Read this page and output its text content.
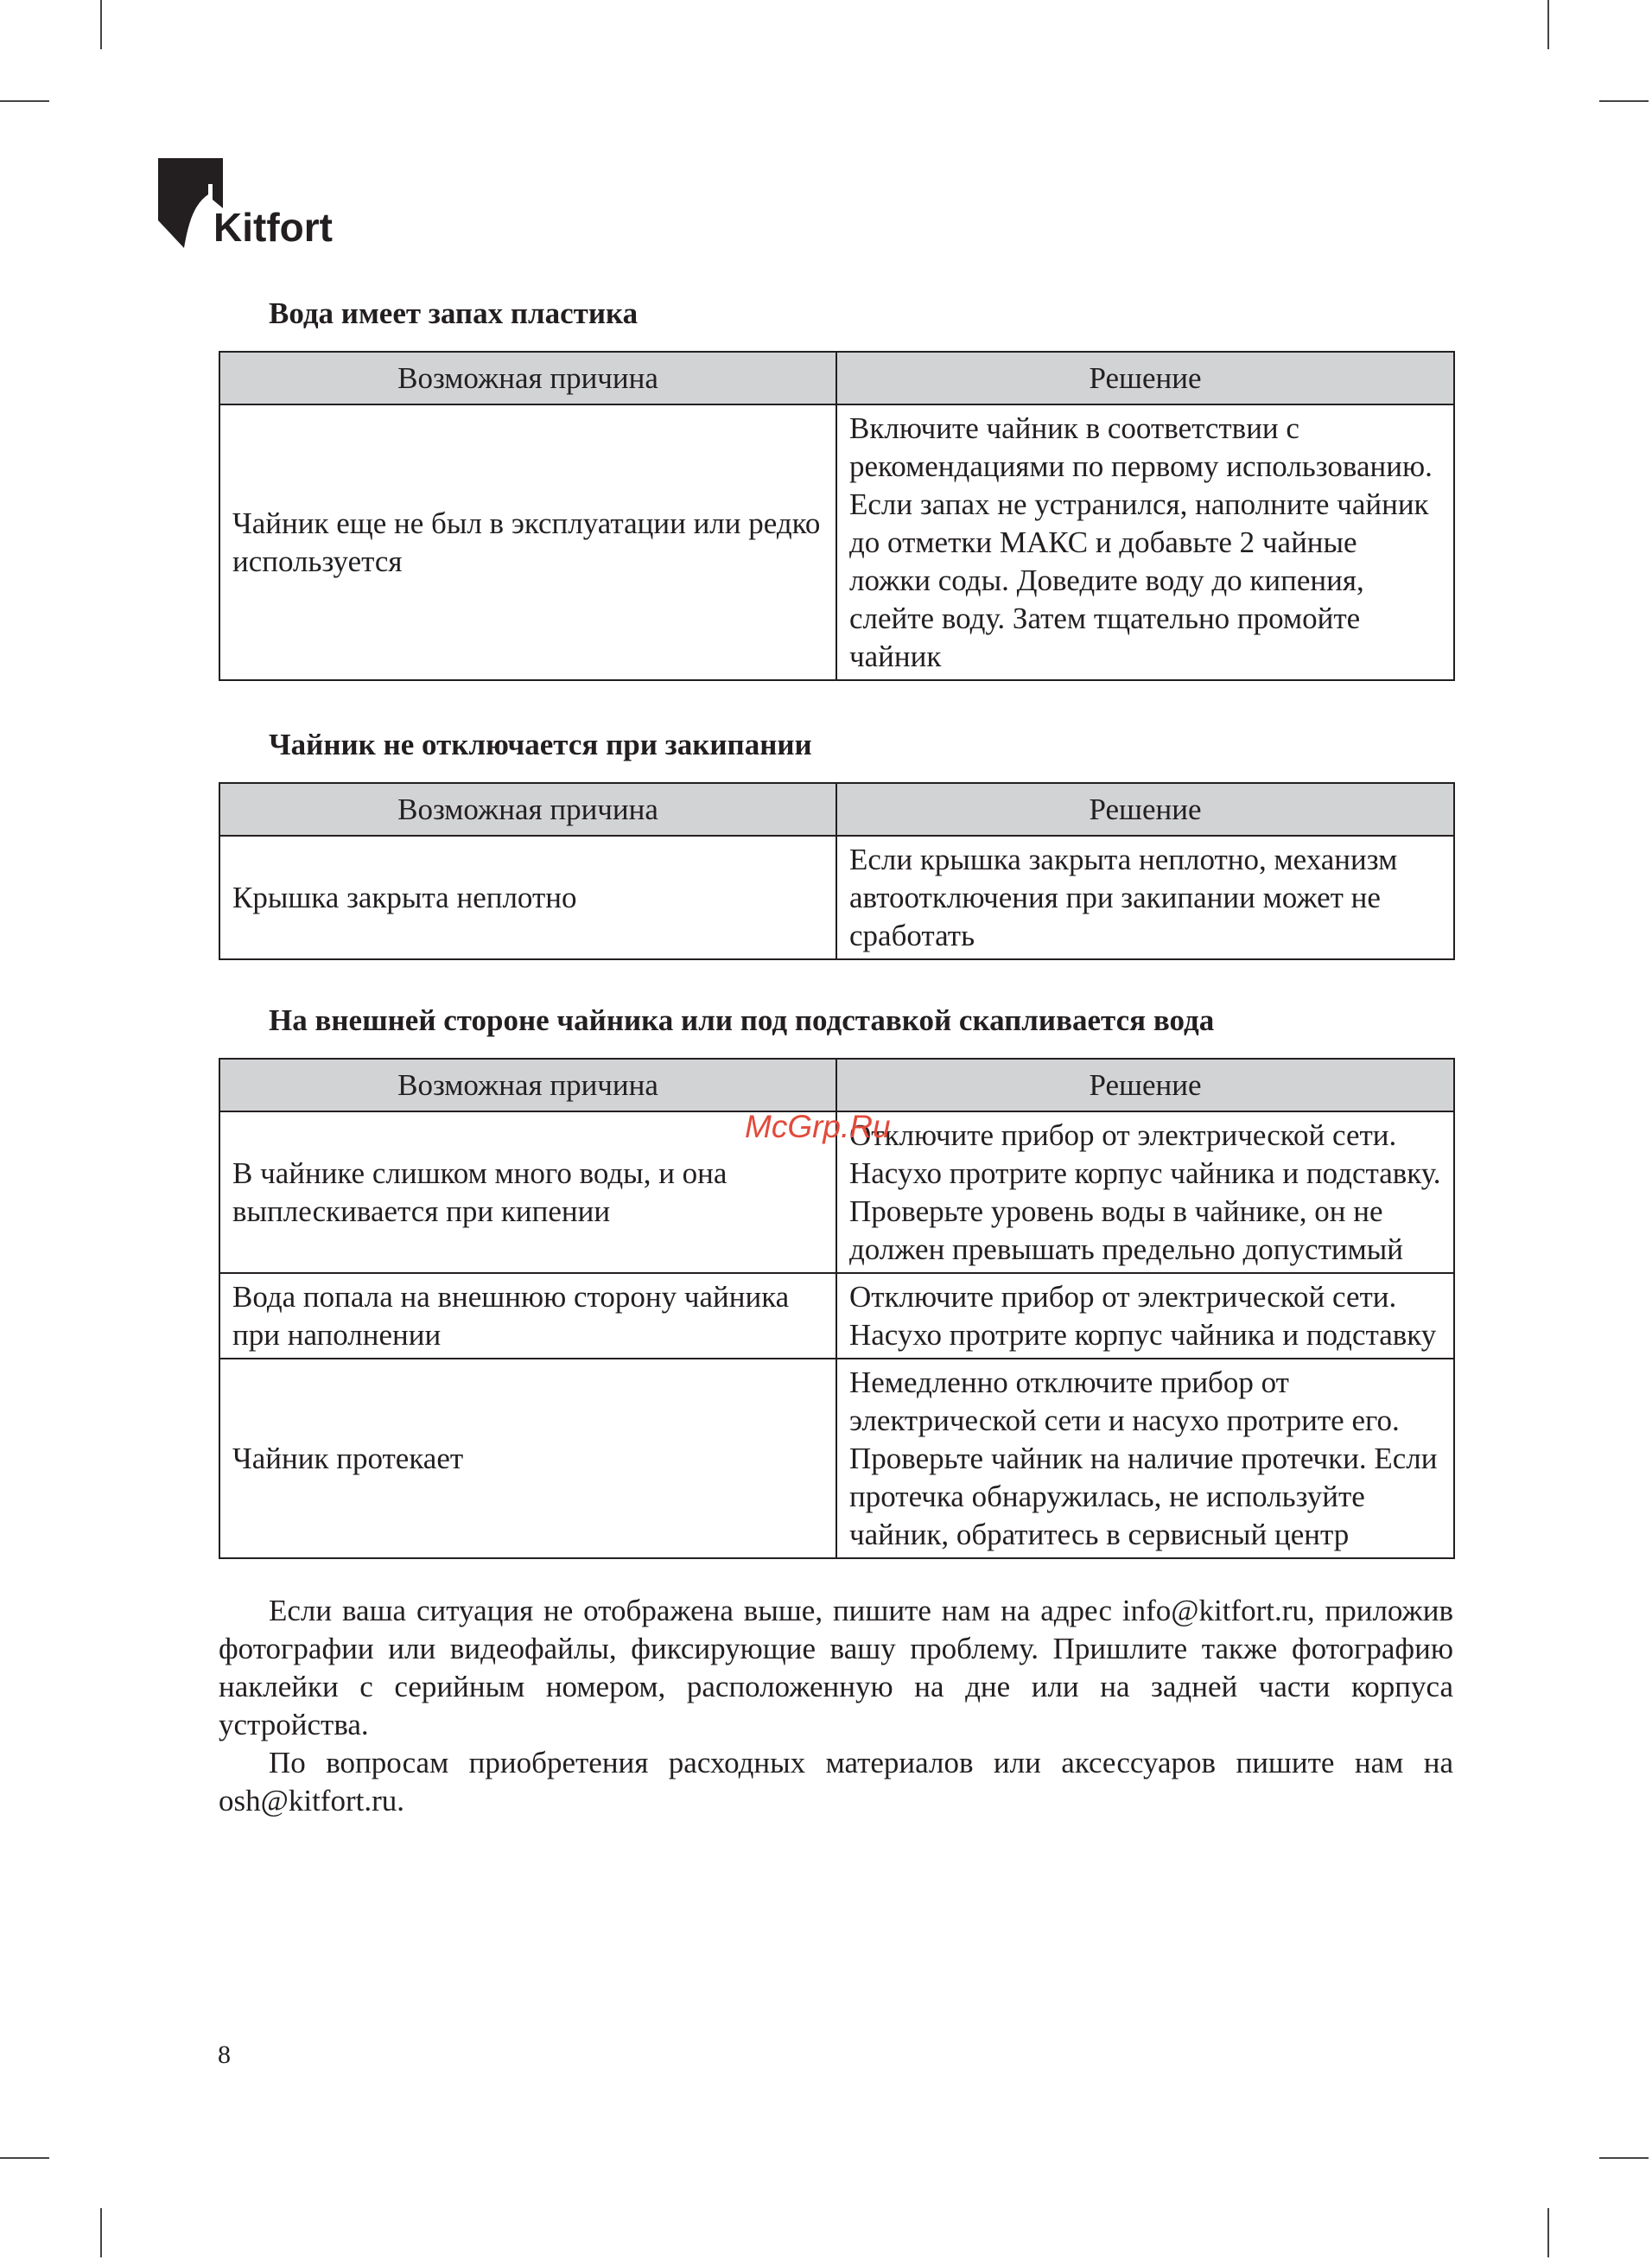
Kitfort
Вода имеет запах пластика
Возможная причина	Решение
Чайник еще не был в эксплуатации или редко используется	Включите чайник в соответствии с рекомендациями по первому использованию. Если запах не устранился, наполните чайник до отметки МАКС и добавьте 2 чайные ложки соды. Доведите воду до кипения, слейте воду. Затем тщательно промойте чайник
Чайник не отключается при закипании
Возможная причина	Решение
Крышка закрыта неплотно	Если крышка закрыта неплотно, механизм автоотключения при закипании может не сработать
На внешней стороне чайника или под подставкой скапливается вода
Возможная причина	Решение
В чайнике слишком много воды, и она выплескивается при кипении	Отключите прибор от электрической сети. Насухо протрите корпус чайника и подставку. Проверьте уровень воды в чайнике, он не должен превышать предельно допустимый
Вода попала на внешнюю сторону чайника при наполнении	Отключите прибор от электрической сети. Насухо протрите корпус чайника и подставку
Чайник протекает	Немедленно отключите прибор от электрической сети и насухо протрите его. Проверьте чайник на наличие протечки. Если протечка обнаружилась, не используйте чайник, обратитесь в сервисный центр

Если ваша ситуация не отображена выше, пишите нам на адрес info@kitfort.ru, приложив фотографии или видеофайлы, фиксирующие вашу проблему. Пришлите также фотографию наклейки с серийным номером, расположенную на дне или на задней части корпуса устройства.

По вопросам приобретения расходных материалов или аксессуаров пишите нам на osh@kitfort.ru.

McGrp.Ru
8
